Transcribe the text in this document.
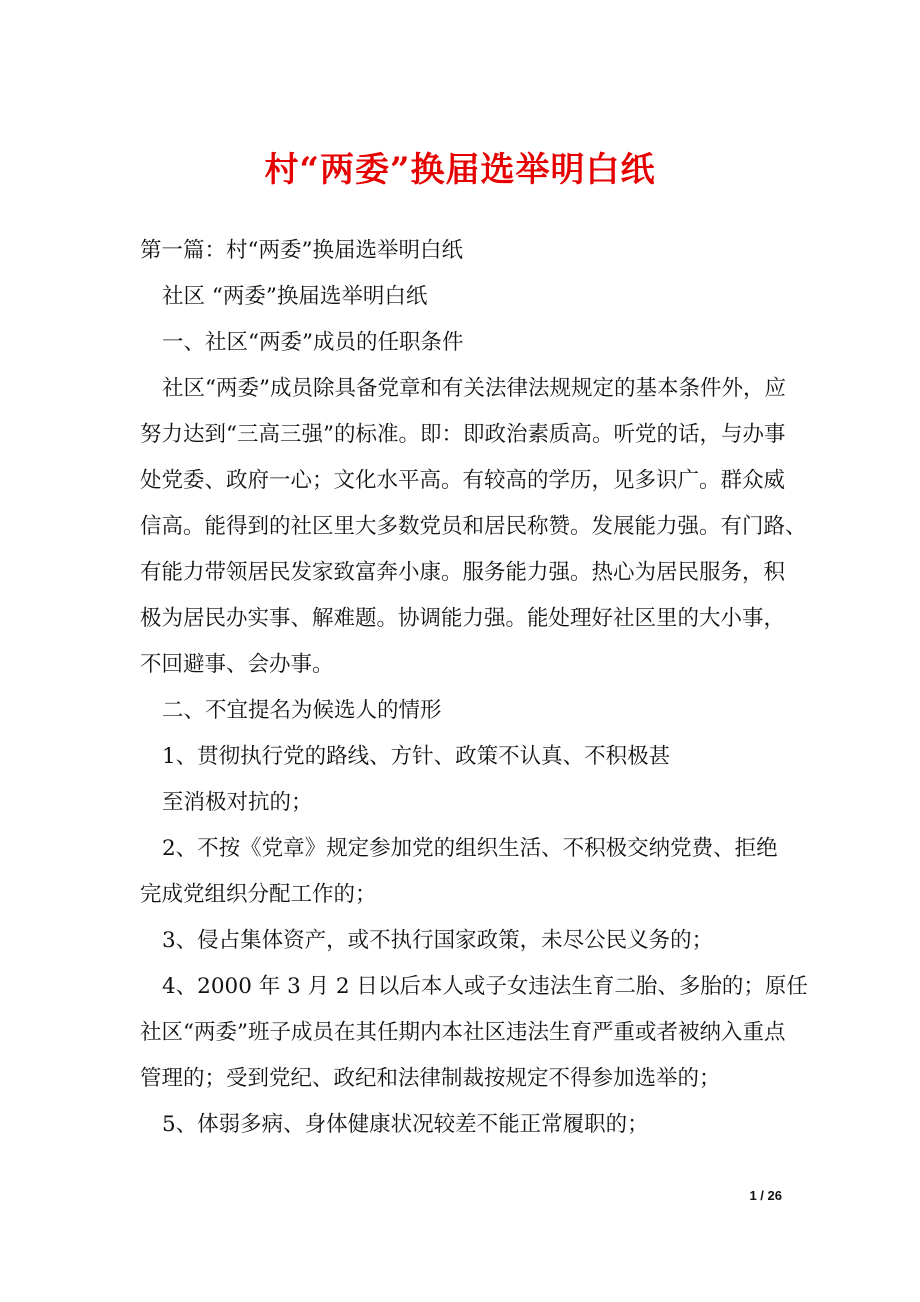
村“两委”换届选举明白纸
第一篇：村“两委”换届选举明白纸
社区 “两委”换届选举明白纸
一、社区“两委”成员的任职条件
社区“两委”成员除具备党章和有关法律法规规定的基本条件外，应
努力达到“三高三强”的标准。即：即政治素质高。听党的话，与办事
处党委、政府一心；文化水平高。有较高的学历，见多识广。群众威
信高。能得到的社区里大多数党员和居民称赞。发展能力强。有门路、
有能力带领居民发家致富奔小康。服务能力强。热心为居民服务，积
极为居民办实事、解难题。协调能力强。能处理好社区里的大小事，
不回避事、会办事。
二、不宜提名为候选人的情形
1、贯彻执行党的路线、方针、政策不认真、不积极甚
至消极对抗的；
2、不按《党章》规定参加党的组织生活、不积极交纳党费、拒绝
完成党组织分配工作的；
3、侵占集体资产，或不执行国家政策，未尽公民义务的；
4、2000 年 3 月 2 日以后本人或子女违法生育二胎、多胎的；原任
社区“两委”班子成员在其任期内本社区违法生育严重或者被纳入重点
管理的；受到党纪、政纪和法律制裁按规定不得参加选举的；
5、体弱多病、身体健康状况较差不能正常履职的；
1 / 26
